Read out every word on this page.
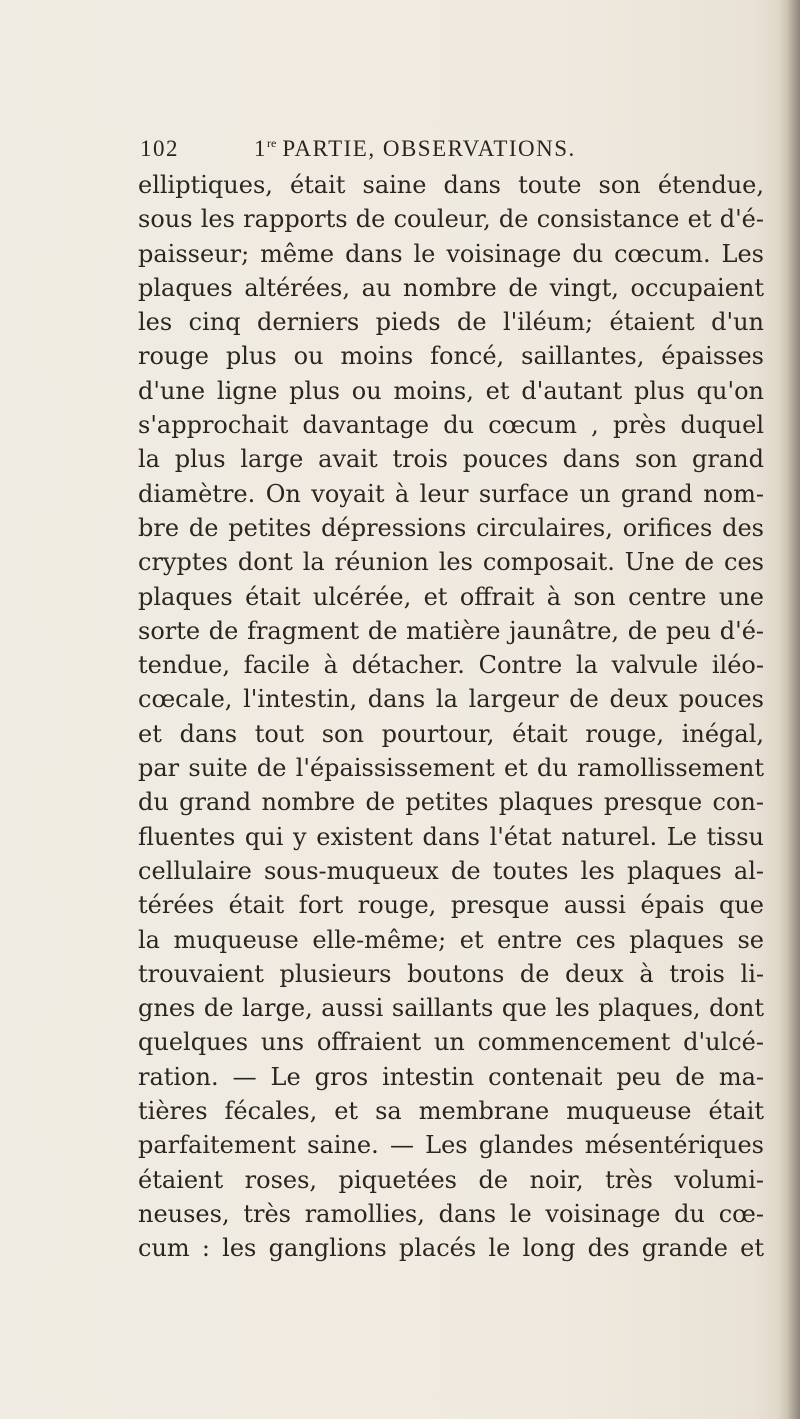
102	1re PARTIE, OBSERVATIONS.
elliptiques, était saine dans toute son étendue,
sous les rapports de couleur, de consistance et d'é-
paisseur; même dans le voisinage du cœcum. Les
plaques altérées, au nombre de vingt, occupaient
les cinq derniers pieds de l'iléum; étaient d'un
rouge plus ou moins foncé, saillantes, épaisses
d'une ligne plus ou moins, et d'autant plus qu'on
s'approchait davantage du cœcum , près duquel
la plus large avait trois pouces dans son grand
diamètre. On voyait à leur surface un grand nom-
bre de petites dépressions circulaires, orifices des
cryptes dont la réunion les composait. Une de ces
plaques était ulcérée, et offrait à son centre une
sorte de fragment de matière jaunâtre, de peu d'é-
tendue, facile à détacher. Contre la valvule iléo-
cœcale, l'intestin, dans la largeur de deux pouces
et dans tout son pourtour, était rouge, inégal,
par suite de l'épaississement et du ramollissement
du grand nombre de petites plaques presque con-
fluentes qui y existent dans l'état naturel. Le tissu
cellulaire sous-muqueux de toutes les plaques al-
térées était fort rouge, presque aussi épais que
la muqueuse elle-même; et entre ces plaques se
trouvaient plusieurs boutons de deux à trois li-
gnes de large, aussi saillants que les plaques, dont
quelques uns offraient un commencement d'ulcé-
ration. — Le gros intestin contenait peu de ma-
tières fécales, et sa membrane muqueuse était
parfaitement saine. — Les glandes mésentériques
étaient roses, piquetées de noir, très volumi-
neuses, très ramollies, dans le voisinage du cœ-
cum : les ganglions placés le long des grande et
